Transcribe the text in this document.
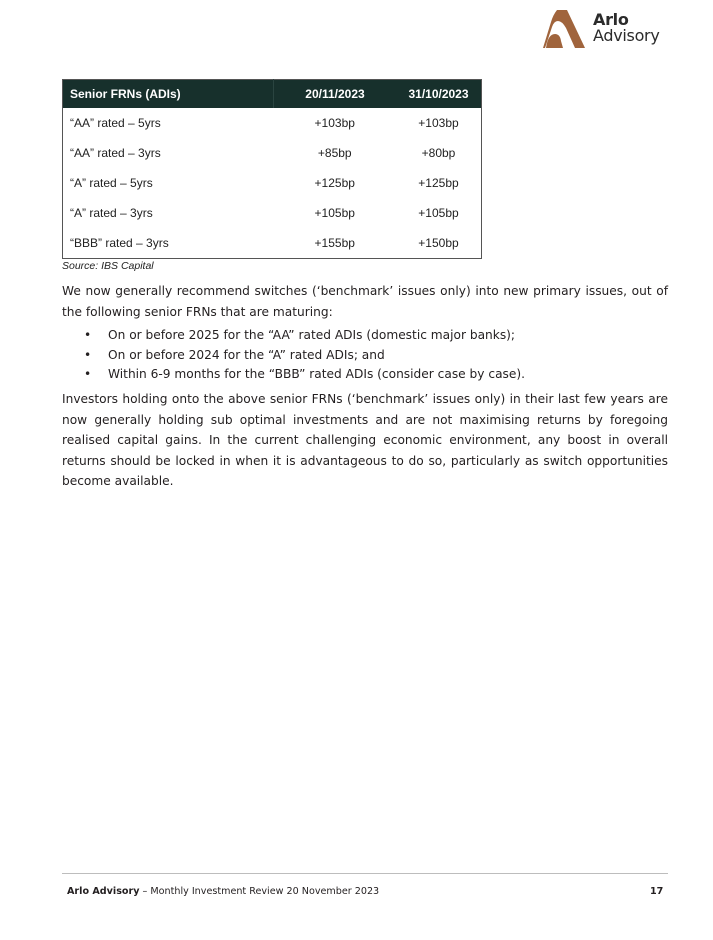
Arlo
Advisory
Senior FRNs (ADIs)	20/11/2023	31/10/2023
“AA” rated – 5yrs	+103bp	+103bp
“AA” rated – 3yrs	+85bp	+80bp
“A” rated – 5yrs	+125bp	+125bp
“A” rated – 3yrs	+105bp	+105bp
“BBB” rated – 3yrs	+155bp	+150bp
Source: IBS Capital

We now generally recommend switches (‘benchmark’ issues only) into new primary issues, out of the following senior FRNs that are maturing:

• On or before 2025 for the “AA” rated ADIs (domestic major banks);
• On or before 2024 for the “A” rated ADIs; and
• Within 6-9 months for the “BBB” rated ADIs (consider case by case).

Investors holding onto the above senior FRNs (‘benchmark’ issues only) in their last few years are now generally holding sub optimal investments and are not maximising returns by foregoing realised capital gains. In the current challenging economic environment, any boost in overall returns should be locked in when it is advantageous to do so, particularly as switch opportunities become available.

Arlo Advisory – Monthly Investment Review 20 November 2023	17
